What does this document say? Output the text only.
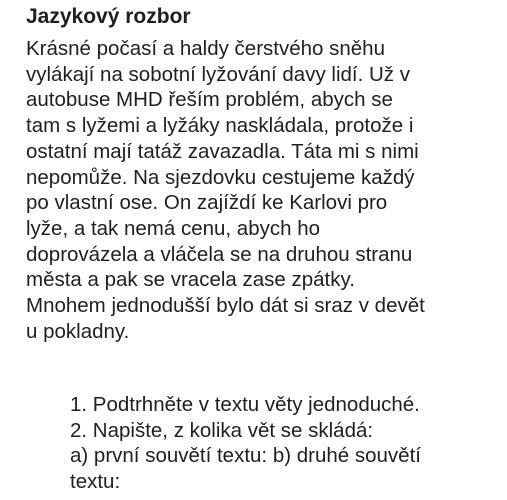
Jazykový rozbor
Krásné počasí a haldy čerstvého sněhu
vylákají na sobotní lyžování davy lidí. Už v
autobuse MHD řeším problém, abych se
tam s lyžemi a lyžáky naskládala, protože i
ostatní mají tatáž zavazadla. Táta mi s nimi
nepomůže. Na sjezdovku cestujeme každý
po vlastní ose. On zajíždí ke Karlovi pro
lyže, a tak nemá cenu, abych ho
doprovázela a vláčela se na druhou stranu
města a pak se vracela zase zpátky.
Mnohem jednodušší bylo dát si sraz v devět
u pokladny.
1. Podtrhněte v textu věty jednoduché.
2. Napište, z kolika vět se skládá:
a) první souvětí textu: b) druhé souvětí
textu:
